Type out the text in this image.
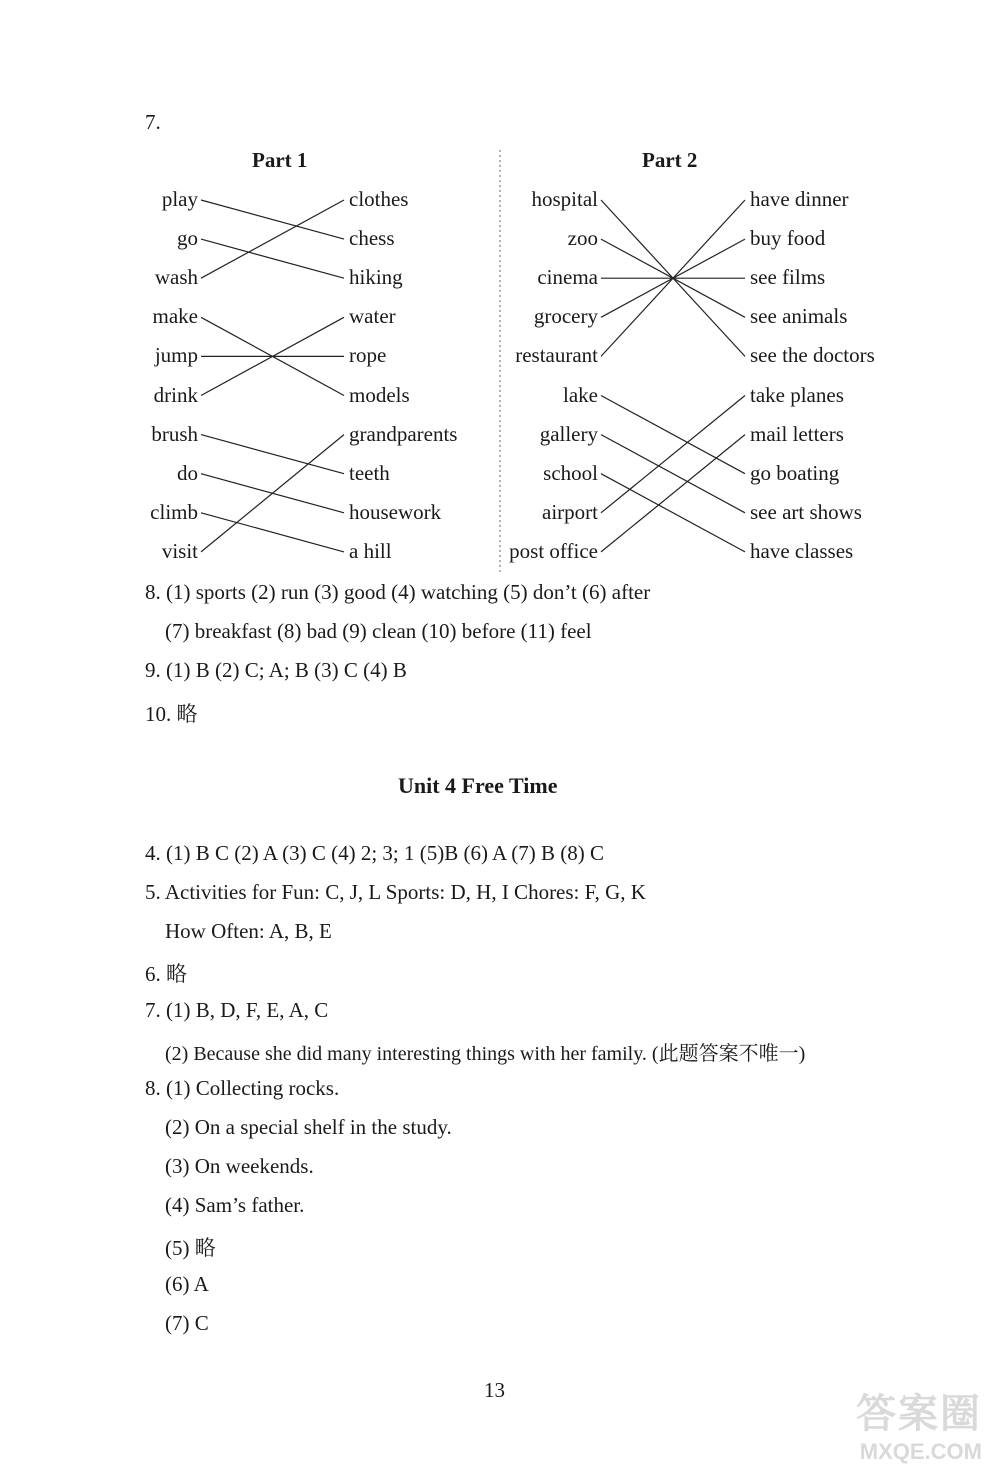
7.
Part 1	Part 2
play
go
wash
make
jump
drink
brush
do
climb
visit
clothes
chess
hiking
water
rope
models
grandparents
teeth
housework
a hill
hospital
zoo
cinema
grocery
restaurant
lake
gallery
school
airport
post office
have dinner
buy food
see films
see animals
see the doctors
take planes
mail letters
go boating
see art shows
have classes
8. (1) sports (2) run (3) good (4) watching (5) don’t (6) after
(7) breakfast (8) bad (9) clean (10) before (11) feel
9. (1) B (2) C; A; B (3) C (4) B
10. 略
Unit 4 Free Time
4. (1) B C (2) A (3) C (4) 2; 3; 1 (5)B (6) A (7) B (8) C
5. Activities for Fun: C, J, L Sports: D, H, I Chores: F, G, K
How Often: A, B, E
6. 略
7. (1) B, D, F, E, A, C
(2) Because she did many interesting things with her family. (此题答案不唯一)
8. (1) Collecting rocks.
(2) On a special shelf in the study.
(3) On weekends.
(4) Sam’s father.
(5) 略
(6) A
(7) C
13
答案圈
MXQE.COM
